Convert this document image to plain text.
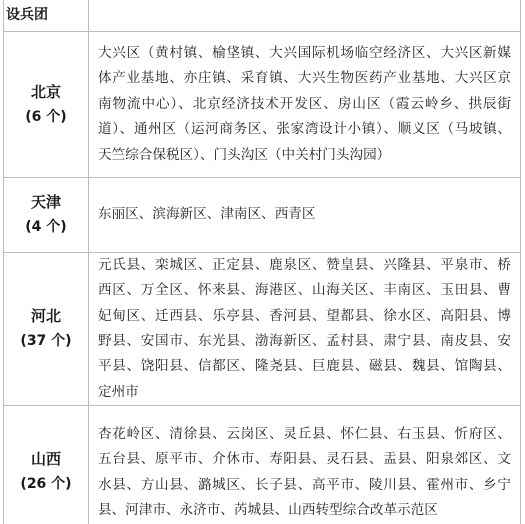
设兵团
北京
(6 个)
大兴区（黄村镇、榆垡镇、大兴国际机场临空经济区、大兴区新媒
体产业基地、亦庄镇、采育镇、大兴生物医药产业基地、大兴区京
南物流中心）、北京经济技术开发区、房山区（霞云岭乡、拱辰街
道）、通州区（运河商务区、张家湾设计小镇）、顺义区（马坡镇、
天竺综合保税区）、门头沟区（中关村门头沟园）
天津
(4 个)
东丽区、滨海新区、津南区、西青区
河北
(37 个)
元氏县、栾城区、正定县、鹿泉区、赞皇县、兴隆县、平泉市、桥
西区、万全区、怀来县、海港区、山海关区、丰南区、玉田县、曹
妃甸区、迁西县、乐亭县、香河县、望都县、徐水区、高阳县、博
野县、安国市、东光县、渤海新区、孟村县、肃宁县、南皮县、安
平县、饶阳县、信都区、隆尧县、巨鹿县、磁县、魏县、馆陶县、
定州市
山西
(26 个)
杏花岭区、清徐县、云岗区、灵丘县、怀仁县、右玉县、忻府区、
五台县、原平市、介休市、寿阳县、灵石县、盂县、阳泉郊区、文
水县、方山县、潞城区、长子县、高平市、陵川县、霍州市、乡宁
县、河津市、永济市、芮城县、山西转型综合改革示范区
